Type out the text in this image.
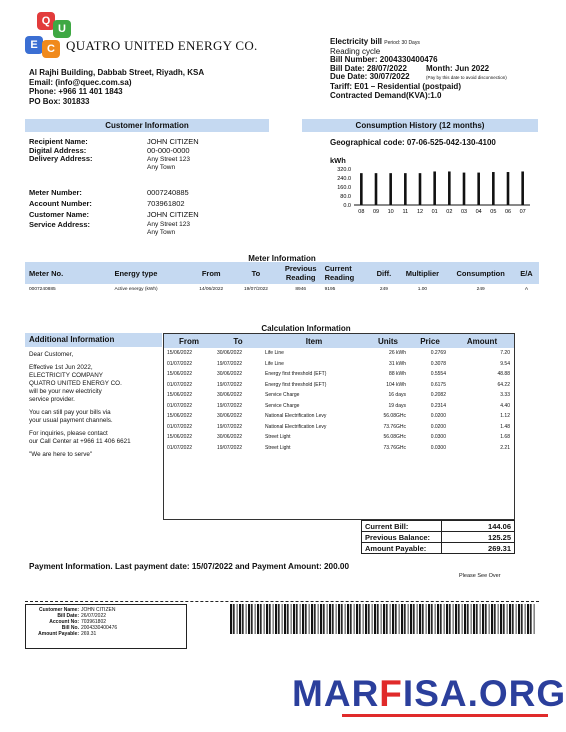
Q
U
E C QUATRO UNITED ENERGY CO.
Al Rajhi Building, Dabbab Street, Riyadh, KSA
Email: (info@quec.com.sa)
Phone: +966 11 401 1843
PO Box: 301833
Electricity bill Period: 30 Days
Reading cycle
Bill Number: 2004330400476
Bill Date: 28/07/2022	Month: Jun 2022
Due Date: 30/07/2022	(Pay by this date to avoid disconnection)
Tariff: E01 – Residential (postpaid)
Contracted Demand(KVA):1.0
Customer Information
Recipient Name:	JOHN CITIZEN
Digital Address:	00-000-0000
Delivery Address:	Any Street 123
Any Town
Meter Number:	0007240885
Account Number:	703961802
Customer Name:	JOHN CITIZEN
Service Address:	Any Street 123
Any Town
Consumption History (12 months)
Geographical code: 07-06-525-042-130-4100
kWh
320.0
240.0
160.0
80.0
0.0
08 09 10 11 12 01 02 03 04 05 06 07
Meter Information
Meter No.	Energy type	From	To	Previous Reading	Current Reading	Diff.	Multiplier	Consumption	E/A
0007240885	Active energy (kWh)	14/06/2022	19/07/2022	8946	9195	249	1.00	249	A
Calculation Information
Additional Information
Dear Customer,
Effective 1st Jun 2022,
ELECTRICITY COMPANY
QUATRO UNITED ENERGY CO.
will be your new electricity
service provider.
You can still pay your bills via
your usual payment channels.
For inquiries, please contact
our Call Center at +966 11 406 6621
"We are here to serve"
From	To	Item	Units	Price	Amount
15/06/2022	30/06/2022	Life Line	26 kWh	0.2769	7.20
01/07/2022	19/07/2022	Life Line	31 kWh	0.3078	9.54
15/06/2022	30/06/2022	Energy first threshold (EFT)	88 kWh	0.5554	48.88
01/07/2022	19/07/2022	Energy first threshold (EFT)	104 kWh	0.6175	64.22
15/06/2022	30/06/2022	Service Charge	16 days	0.2082	3.33
01/07/2022	19/07/2022	Service Charge	19 days	0.2314	4.40
15/06/2022	30/06/2022	National Electrification Levy	56.08GHc	0.0200	1.12
01/07/2022	19/07/2022	National Electrification Levy	73.76GHc	0.0200	1.48
15/06/2022	30/06/2022	Street Light	56.08GHc	0.0300	1.68
01/07/2022	19/07/2022	Street Light	73.76GHc	0.0300	2.21
Current Bill:	144.06
Previous Balance:	125.25
Amount Payable:	269.31
Payment Information. Last payment date: 15/07/2022 and Payment Amount: 200.00
Please See Over
Customer Name: JOHN CITIZEN
Bill Date: 26/07/2022
Account No: 703961802
Bill No. 2004330400476
Amount Payable: 269.31
MARFISA.ORG
